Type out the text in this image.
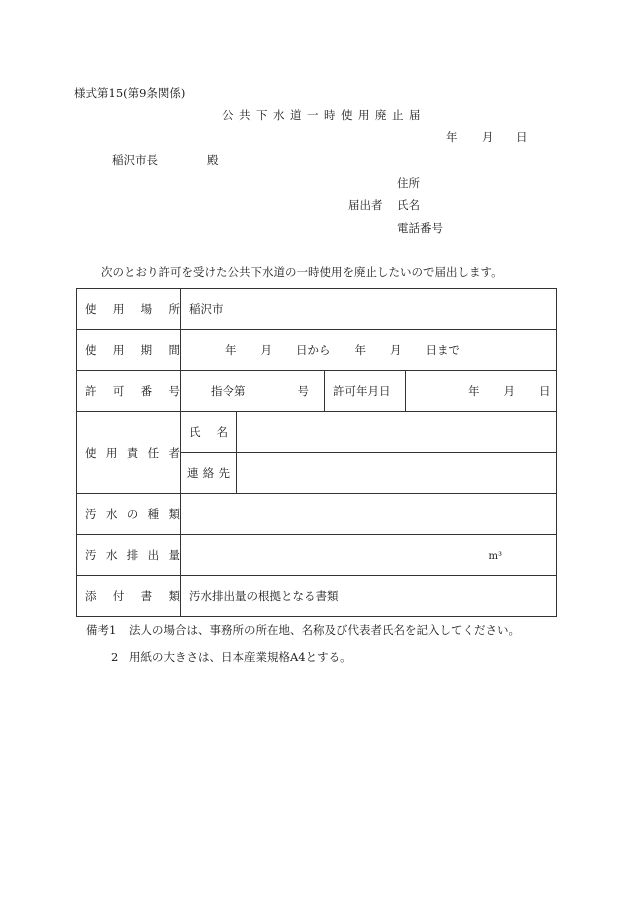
様式第15(第9条関係)
公共下水道一時使用廃止届
年 月 日
稲沢市長	殿
住所
届出者 氏名
電話番号
次のとおり許可を受けた公共下水道の一時使用を廃止したいので届出します。
使用場所	稲沢市			
使用期間	年 月 日から 年 月 日まで			
許可番号	指令第 号		許可年月日	年 月 日
使用責任者	氏名			
	連絡先			
汚水の種類				
汚水排出量	m³			
添付書類	汚水排出量の根拠となる書類			
備考1 法人の場合は、事務所の所在地、名称及び代表者氏名を記入してください。
2 用紙の大きさは、日本産業規格A4とする。
